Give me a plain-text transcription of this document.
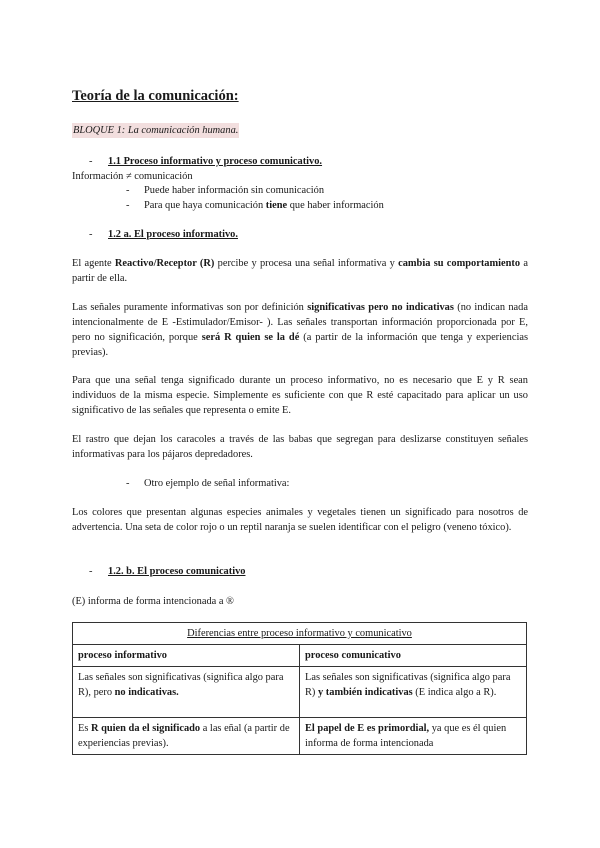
Teoría de la comunicación:
BLOQUE 1: La comunicación humana.
- 1.1 Proceso informativo y proceso comunicativo.
Información ≠ comunicación
- Puede haber información sin comunicación
- Para que haya comunicación tiene que haber información
- 1.2 a. El proceso informativo.

El agente Reactivo/Receptor (R) percibe y procesa una señal informativa y cambia su comportamiento a partir de ella.

Las señales puramente informativas son por definición significativas pero no indicativas (no indican nada intencionalmente de E -Estimulador/Emisor- ). Las señales transportan información proporcionada por E, pero no significación, porque será R quien se la dé (a partir de la información que tenga y experiencias previas).

Para que una señal tenga significado durante un proceso informativo, no es necesario que E y R sean individuos de la misma especie. Simplemente es suficiente con que R esté capacitado para aplicar un uso significativo de las señales que representa o emite E.

El rastro que dejan los caracoles a través de las babas que segregan para deslizarse constituyen señales informativas para los pájaros depredadores.

- Otro ejemplo de señal informativa:

Los colores que presentan algunas especies animales y vegetales tienen un significado para nosotros de advertencia. Una seta de color rojo o un reptil naranja se suelen identificar con el peligro (veneno tóxico).

- 1.2. b. El proceso comunicativo
(E) informa de forma intencionada a ®
Diferencias entre proceso informativo y comunicativo	
proceso informativo	proceso comunicativo
Las señales son significativas (significa algo para R), pero no indicativas.	Las señales son significativas (significa algo para R) y también indicativas (E indica algo a R).
Es R quien da el significado a las eñal (a partir de experiencias previas).	El papel de E es primordial, ya que es él quien informa de forma intencionada
